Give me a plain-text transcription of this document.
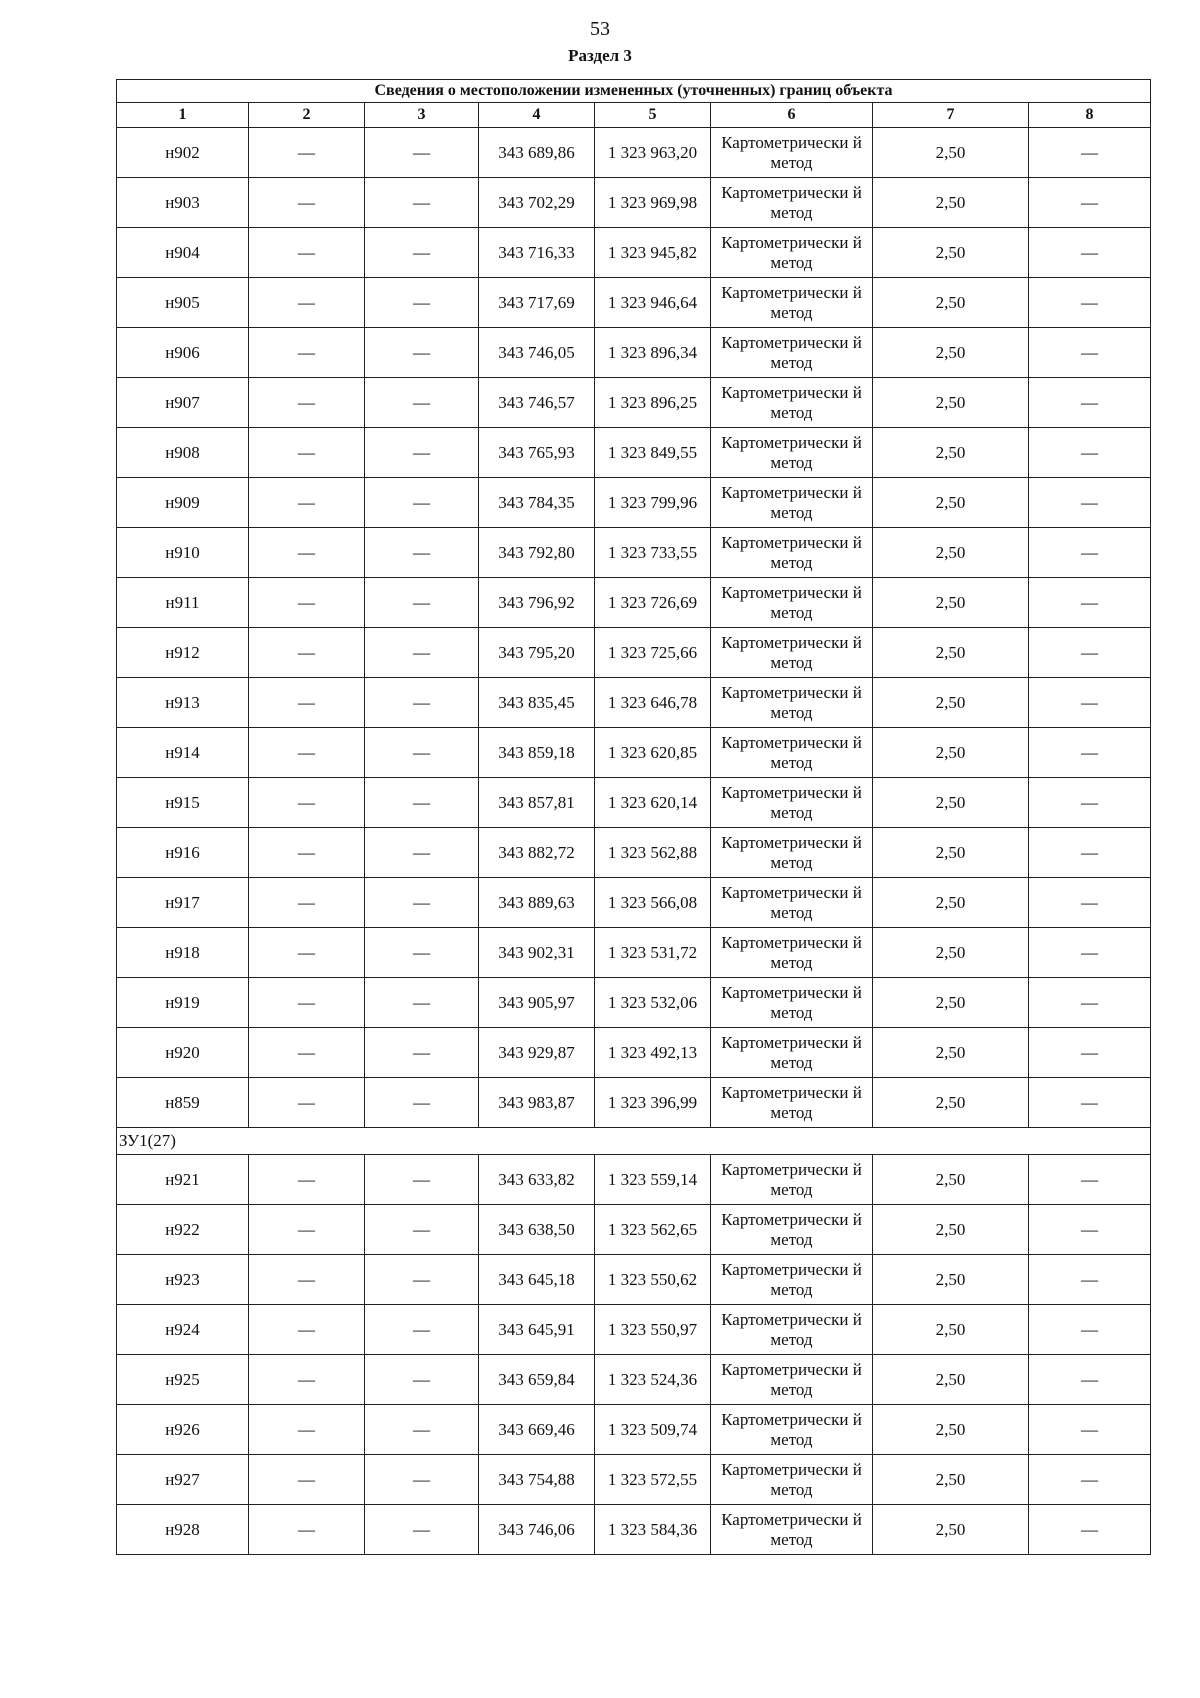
53
Раздел 3
Сведения о местоположении измененных (уточненных) границ объекта							
1	2	3	4	5	6	7	8
н902	—	—	343 689,86	1 323 963,20	Картометрически й метод	2,50	—
н903	—	—	343 702,29	1 323 969,98	Картометрически й метод	2,50	—
н904	—	—	343 716,33	1 323 945,82	Картометрически й метод	2,50	—
н905	—	—	343 717,69	1 323 946,64	Картометрически й метод	2,50	—
н906	—	—	343 746,05	1 323 896,34	Картометрически й метод	2,50	—
н907	—	—	343 746,57	1 323 896,25	Картометрически й метод	2,50	—
н908	—	—	343 765,93	1 323 849,55	Картометрически й метод	2,50	—
н909	—	—	343 784,35	1 323 799,96	Картометрически й метод	2,50	—
н910	—	—	343 792,80	1 323 733,55	Картометрически й метод	2,50	—
н911	—	—	343 796,92	1 323 726,69	Картометрически й метод	2,50	—
н912	—	—	343 795,20	1 323 725,66	Картометрически й метод	2,50	—
н913	—	—	343 835,45	1 323 646,78	Картометрически й метод	2,50	—
н914	—	—	343 859,18	1 323 620,85	Картометрически й метод	2,50	—
н915	—	—	343 857,81	1 323 620,14	Картометрически й метод	2,50	—
н916	—	—	343 882,72	1 323 562,88	Картометрически й метод	2,50	—
н917	—	—	343 889,63	1 323 566,08	Картометрически й метод	2,50	—
н918	—	—	343 902,31	1 323 531,72	Картометрически й метод	2,50	—
н919	—	—	343 905,97	1 323 532,06	Картометрически й метод	2,50	—
н920	—	—	343 929,87	1 323 492,13	Картометрически й метод	2,50	—
н859	—	—	343 983,87	1 323 396,99	Картометрически й метод	2,50	—
ЗУ1(27)							
н921	—	—	343 633,82	1 323 559,14	Картометрически й метод	2,50	—
н922	—	—	343 638,50	1 323 562,65	Картометрически й метод	2,50	—
н923	—	—	343 645,18	1 323 550,62	Картометрически й метод	2,50	—
н924	—	—	343 645,91	1 323 550,97	Картометрически й метод	2,50	—
н925	—	—	343 659,84	1 323 524,36	Картометрически й метод	2,50	—
н926	—	—	343 669,46	1 323 509,74	Картометрически й метод	2,50	—
н927	—	—	343 754,88	1 323 572,55	Картометрически й метод	2,50	—
н928	—	—	343 746,06	1 323 584,36	Картометрически й метод	2,50	—
